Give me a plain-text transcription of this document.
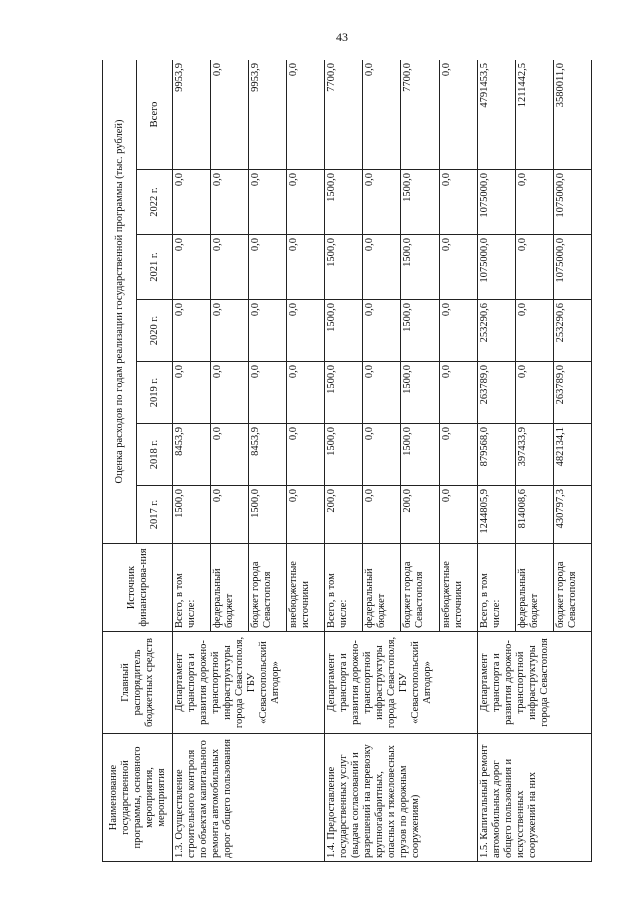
43
Наименование государственной программы, основного мероприятия, мероприятия	Главный распорядитель бюджетных средств	Источник финансирова-ния	Оценка расходов по годам реализации государственной программы (тыс. рублей)						
			2017 г.	2018 г.	2019 г.	2020 г.	2021 г.	2022 г.	Всего
1.3. Осуществление строительного контроля по объектам капитального ремонта автомобильных дорог общего пользования	Департамент транспорта и развития дорожно-транспортной инфраструктуры города Севастополя, ГБУ «Севастопольский Автодор»	Всего, в том числе:	1500,0	8453,9	0,0	0,0	0,0	0,0	9953,9
		федеральный бюджет	0,0	0,0	0,0	0,0	0,0	0,0	0,0
		бюджет города Севастополя	1500,0	8453,9	0,0	0,0	0,0	0,0	9953,9
		внебюджетные источники	0,0	0,0	0,0	0,0	0,0	0,0	0,0
1.4. Предоставление государственных услуг (выдача согласований и разрешений на перевозку крупногабаритных, опасных и тяжеловесных грузов по дорожным сооружениям)	Департамент транспорта и развития дорожно-транспортной инфраструктуры города Севастополя, ГБУ «Севастопольский Автодор»	Всего, в том числе:	200,0	1500,0	1500,0	1500,0	1500,0	1500,0	7700,0
		федеральный бюджет	0,0	0,0	0,0	0,0	0,0	0,0	0,0
		бюджет города Севастополя	200,0	1500,0	1500,0	1500,0	1500,0	1500,0	7700,0
		внебюджетные источники	0,0	0,0	0,0	0,0	0,0	0,0	0,0
1.5. Капитальный ремонт автомобильных дорог общего пользования и искусственных сооружений на них	Департамент транспорта и развития дорожно-транспортной инфраструктуры города Севастополя	Всего, в том числе:	1244805,9	879568,0	263789,0	253290,6	1075000,0	1075000,0	4791453,5
		федеральный бюджет	814008,6	397433,9	0,0	0,0	0,0	0,0	1211442,5
		бюджет города Севастополя	430797,3	482134,1	263789,0	253290,6	1075000,0	1075000,0	3580011,0
